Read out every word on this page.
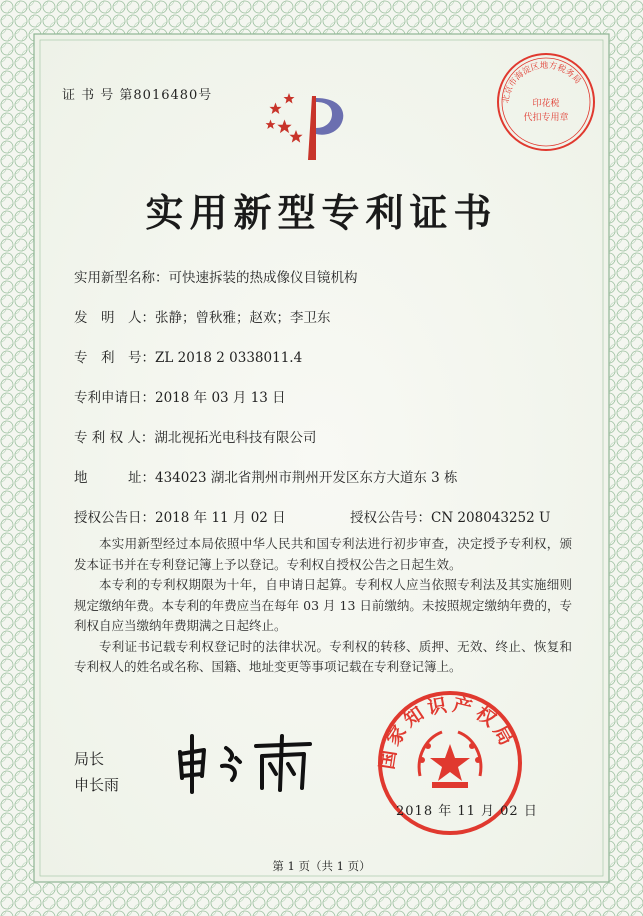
证 书 号 第8016480号	北京市海淀区地方税务局
印花税
代扣专用章
实用新型专利证书
实用新型名称：可快速拆装的热成像仪目镜机构
发　明　人：张静；曾秋雅；赵欢；李卫东
专　利　号：ZL 2018 2 0338011.4
专利申请日：2018 年 03 月 13 日
专 利 权 人：湖北视拓光电科技有限公司
地　　　址：434023 湖北省荆州市荆州开发区东方大道东 3 栋
授权公告日：2018 年 11 月 02 日	授权公告号：CN 208043252 U

本实用新型经过本局依照中华人民共和国专利法进行初步审查，决定授予专利权，颁发本证书并在专利登记簿上予以登记。专利权自授权公告之日起生效。

本专利的专利权期限为十年，自申请日起算。专利权人应当依照专利法及其实施细则规定缴纳年费。本专利的年费应当在每年 03 月 13 日前缴纳。未按照规定缴纳年费的，专利权自应当缴纳年费期满之日起终止。

专利证书记载专利权登记时的法律状况。专利权的转移、质押、无效、终止、恢复和专利权人的姓名或名称、国籍、地址变更等事项记载在专利登记簿上。

局长
申长雨
国家知识产权局
2018 年 11 月 02 日
第 1 页（共 1 页）
